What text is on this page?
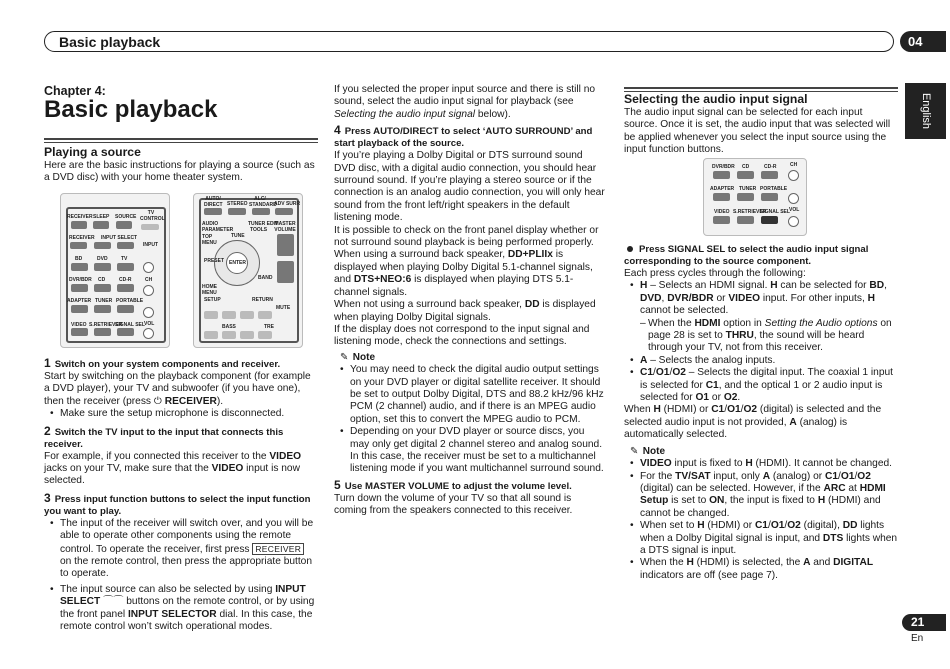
Basic playback	04
English
21
En
Chapter 4:
Basic playback
Playing a source
Here are the basic instructions for playing a source (such as a DVD disc) with your home theater system.
RECEIVER SLEEP SOURCE
TV CONTROL
RECEIVER INPUT SELECT
INPUT
BD	DVD	TV
DVR/BDR CD	CD-R
ADAPTER TUNER PORTABLE
VIDEO S.RETRIEVER
SIGNAL SEL
CH
VOL
AUTO/ DIRECT STEREO
ALC/ STANDARD
ADV SURR
AUDIO PARAMETER
TUNER EDIT
TOOLS
MASTER VOLUME
TOP MENU
TUNE
ENTER
PRESET
BAND
HOME MENU
SETUP	RETURN
MUTE
BASS	TRE
1 Switch on your system components and receiver.
Start by switching on the playback component (for example a DVD player), your TV and subwoofer (if you have one), then the receiver (press ⏻ RECEIVER).
• Make sure the setup microphone is disconnected.
2 Switch the TV input to the input that connects this receiver.
For example, if you connected this receiver to the VIDEO jacks on your TV, make sure that the VIDEO input is now selected.
3 Press input function buttons to select the input function you want to play.
• The input of the receiver will switch over, and you will be able to operate other components using the remote control. To operate the receiver, first press RECEIVER on the remote control, then press the appropriate button to operate.
• The input source can also be selected by using INPUT SELECT ⌒⌒ buttons on the remote control, or by using the front panel INPUT SELECTOR dial. In this case, the remote control won’t switch operational modes.
If you selected the proper input source and there is still no sound, select the audio input signal for playback (see Selecting the audio input signal below).
4 Press AUTO/DIRECT to select ‘AUTO SURROUND’ and start playback of the source.
If you’re playing a Dolby Digital or DTS surround sound DVD disc, with a digital audio connection, you should hear surround sound. If you’re playing a stereo source or if the connection is an analog audio connection, you will only hear sound from the front left/right speakers in the default listening mode.
It is possible to check on the front panel display whether or not surround sound playback is being performed properly.
When using a surround back speaker, DD+PLIIx is displayed when playing Dolby Digital 5.1-channel signals, and DTS+NEO:6 is displayed when playing DTS 5.1-channel signals.
When not using a surround back speaker, DD is displayed when playing Dolby Digital signals.
If the display does not correspond to the input signal and listening mode, check the connections and settings.
✎ Note
• You may need to check the digital audio output settings on your DVD player or digital satellite receiver. It should be set to output Dolby Digital, DTS and 88.2 kHz/96 kHz PCM (2 channel) audio, and if there is an MPEG audio option, set this to convert the MPEG audio to PCM.
• Depending on your DVD player or source discs, you may only get digital 2 channel stereo and analog sound. In this case, the receiver must be set to a multichannel listening mode if you want multichannel surround sound.
5 Use MASTER VOLUME to adjust the volume level.
Turn down the volume of your TV so that all sound is coming from the speakers connected to this receiver.
Selecting the audio input signal
The audio input signal can be selected for each input source. Once it is set, the audio input that was selected will be applied whenever you select the input source using the input function buttons.
DVR/BDR CD	CD-R	CH
ADAPTER TUNER PORTABLE
VIDEO S.RETRIEVER
SIGNAL SEL VOL
Press SIGNAL SEL to select the audio input signal corresponding to the source component.
Each press cycles through the following:
• H – Selects an HDMI signal. H can be selected for BD, DVD, DVR/BDR or VIDEO input. For other inputs, H cannot be selected.
– When the HDMI option in Setting the Audio options on page 28 is set to THRU, the sound will be heard through your TV, not from this receiver.
• A – Selects the analog inputs.
• C1/O1/O2 – Selects the digital input. The coaxial 1 input is selected for C1, and the optical 1 or 2 audio input is selected for O1 or O2.
When H (HDMI) or C1/O1/O2 (digital) is selected and the selected audio input is not provided, A (analog) is automatically selected.
✎ Note
• VIDEO input is fixed to H (HDMI). It cannot be changed.
• For the TV/SAT input, only A (analog) or C1/O1/O2 (digital) can be selected. However, if the ARC at HDMI Setup is set to ON, the input is fixed to H (HDMI) and cannot be changed.
• When set to H (HDMI) or C1/O1/O2 (digital), DD lights when a Dolby Digital signal is input, and DTS lights when a DTS signal is input.
• When the H (HDMI) is selected, the A and DIGITAL indicators are off (see page 7).
